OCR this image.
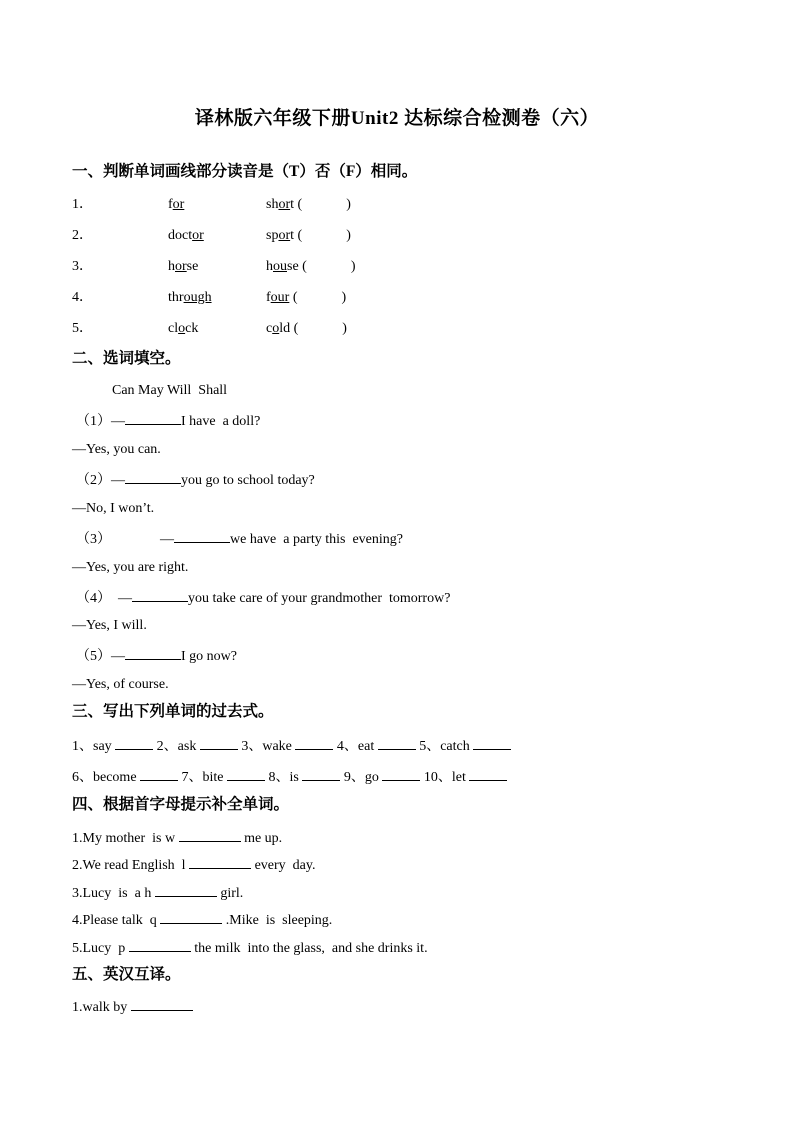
译林版六年级下册Unit2 达标综合检测卷（六）
一、判断单词画线部分读音是（T）否（F）相同。
1．	for	short (	)
2．	doctor	sport (	)
3．	horse	house (	)
4．	through	four (	)
5．	clock	cold (	)
二、选词填空。
Can May Will  Shall
（1）—	I have  a doll?
—Yes, you can.
（2）—	you go to school today?
—No, I won’t.
（3）              —	we have  a party this  evening?
—Yes, you are right.
（4）  —	you take care of your grandmother  tomorrow?
—Yes, I will.
（5）—	I go now?
—Yes, of course.
三、写出下列单词的过去式。
1、say	2、ask	3、wake	4、eat	5、catch
6、become	7、bite	8、is	9、go	10、let
四、根据首字母提示补全单词。
1.My mother  is w	me up.
2.We read English  l	every  day.
3.Lucy  is  a h	girl.
4.Please talk  q	.Mike  is  sleeping.
5.Lucy  p	the milk  into the glass,  and she drinks it.
五、英汉互译。
1.walk by
